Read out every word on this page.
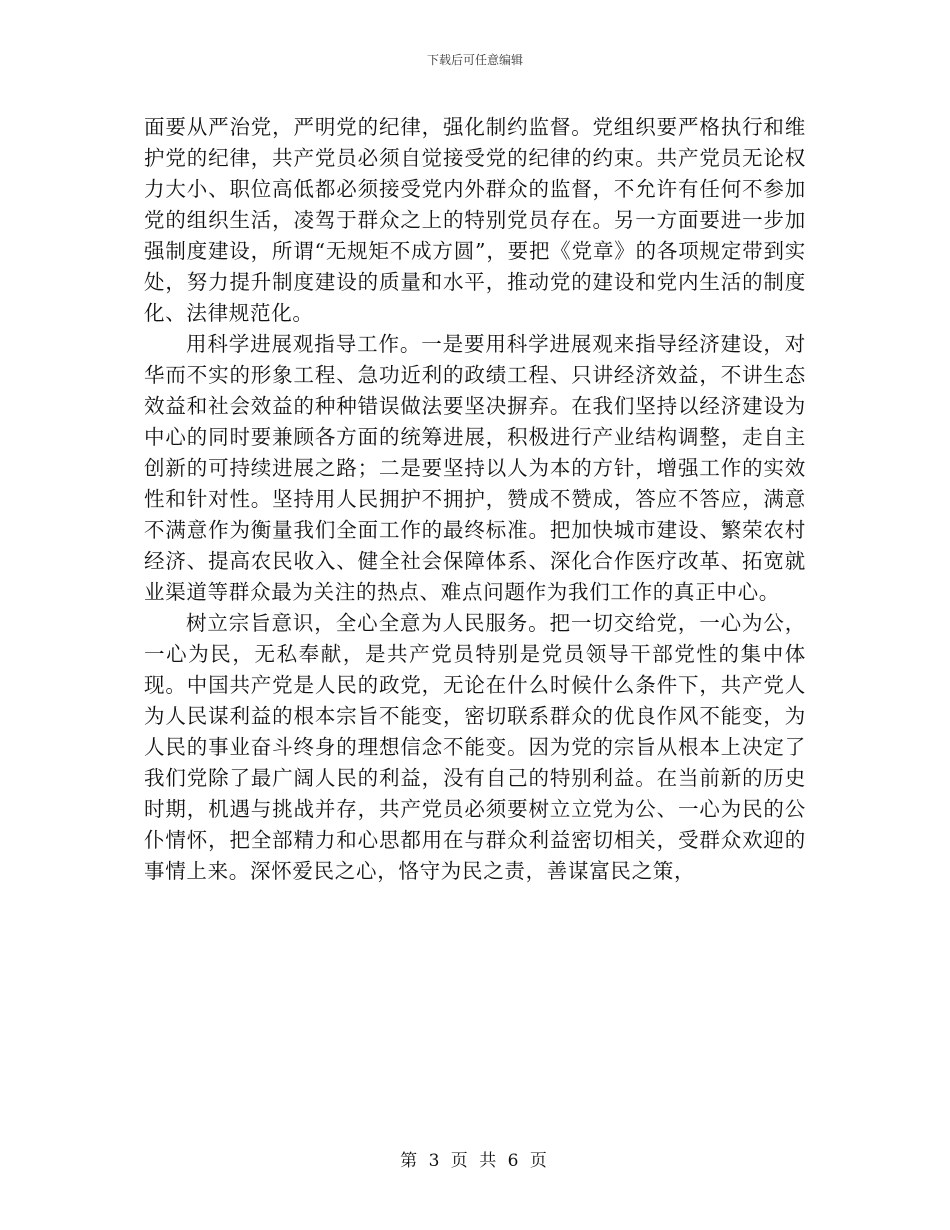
下载后可任意编辑

面要从严治党，严明党的纪律，强化制约监督。党组织要严格执行和维护党的纪律，共产党员必须自觉接受党的纪律的约束。共产党员无论权力大小、职位高低都必须接受党内外群众的监督，不允许有任何不参加党的组织生活，凌驾于群众之上的特别党员存在。另一方面要进一步加强制度建设，所谓“无规矩不成方圆”，要把《党章》的各项规定带到实处，努力提升制度建设的质量和水平，推动党的建设和党内生活的制度化、法律规范化。

用科学进展观指导工作。一是要用科学进展观来指导经济建设，对华而不实的形象工程、急功近利的政绩工程、只讲经济效益，不讲生态效益和社会效益的种种错误做法要坚决摒弃。在我们坚持以经济建设为中心的同时要兼顾各方面的统筹进展，积极进行产业结构调整，走自主创新的可持续进展之路；二是要坚持以人为本的方针，增强工作的实效性和针对性。坚持用人民拥护不拥护，赞成不赞成，答应不答应，满意不满意作为衡量我们全面工作的最终标准。把加快城市建设、繁荣农村经济、提高农民收入、健全社会保障体系、深化合作医疗改革、拓宽就业渠道等群众最为关注的热点、难点问题作为我们工作的真正中心。

树立宗旨意识，全心全意为人民服务。把一切交给党，一心为公，一心为民，无私奉献，是共产党员特别是党员领导干部党性的集中体现。中国共产党是人民的政党，无论在什么时候什么条件下，共产党人为人民谋利益的根本宗旨不能变，密切联系群众的优良作风不能变，为人民的事业奋斗终身的理想信念不能变。因为党的宗旨从根本上决定了我们党除了最广阔人民的利益，没有自己的特别利益。在当前新的历史时期，机遇与挑战并存，共产党员必须要树立立党为公、一心为民的公仆情怀，把全部精力和心思都用在与群众利益密切相关，受群众欢迎的事情上来。深怀爱民之心，恪守为民之责，善谋富民之策，

第 3 页 共 6 页
